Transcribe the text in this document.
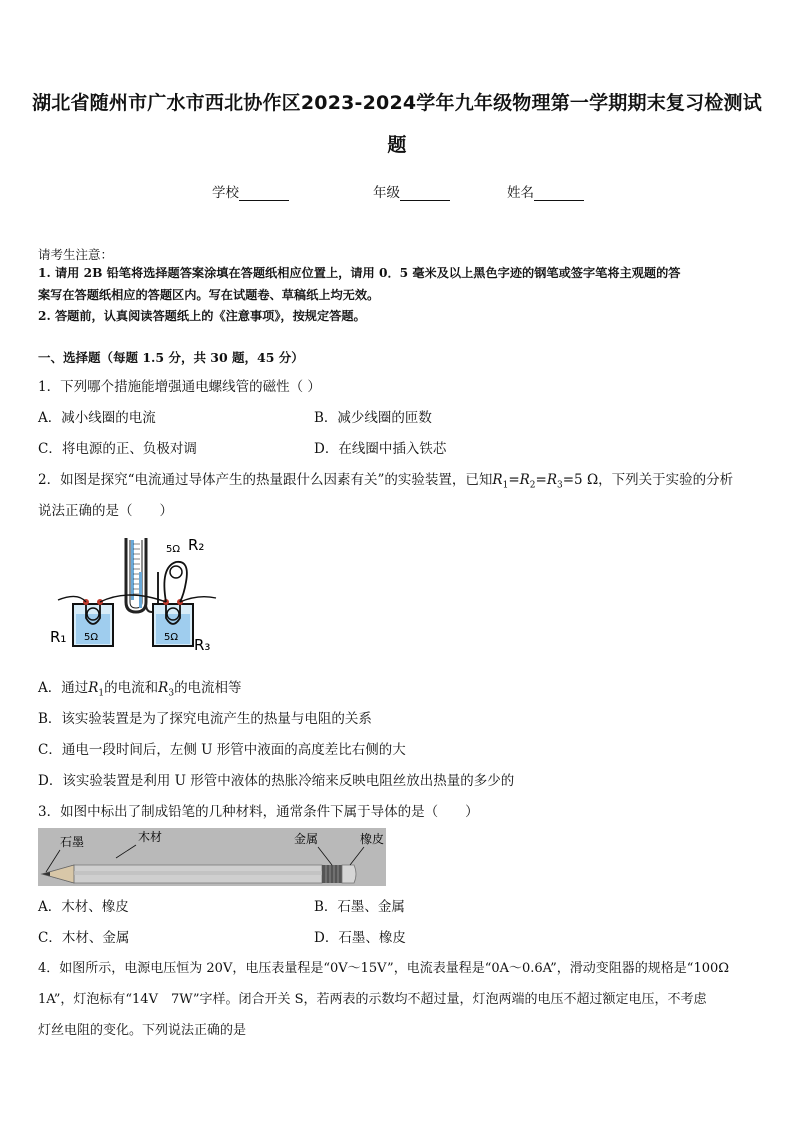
湖北省随州市广水市西北协作区2023-2024学年九年级物理第一学期期末复习检测试
题
学校	年级	姓名
请考生注意：
1. 请用 2B 铅笔将选择题答案涂填在答题纸相应位置上，请用 0．5 毫米及以上黑色字迹的钢笔或签字笔将主观题的答
案写在答题纸相应的答题区内。写在试题卷、草稿纸上均无效。
2. 答题前，认真阅读答题纸上的《注意事项》，按规定答题。
一、选择题（每题 1.5 分，共 30 题，45 分）
1．下列哪个措施能增强通电螺线管的磁性（ ）
A．减小线圈的电流	B．减少线圈的匝数
C．将电源的正、负极对调	D．在线圈中插入铁芯
2．如图是探究“电流通过导体产生的热量跟什么因素有关”的实验装置，已知$R_1=R_2=R_3=5$ Ω，下列关于实验的分析
说法正确的是（　　）
5Ω	5Ω
5Ω
R₁
R₂
R₃
A．通过$R_1$的电流和$R_3$的电流相等
B．该实验装置是为了探究电流产生的热量与电阻的关系
C．通电一段时间后，左侧 U 形管中液面的高度差比右侧的大
D．该实验装置是利用 U 形管中液体的热胀冷缩来反映电阻丝放出热量的多少的
3．如图中标出了制成铅笔的几种材料，通常条件下属于导体的是（　　）
石墨	木材	金属	橡皮
A．木材、橡皮	B．石墨、金属
C．木材、金属	D．石墨、橡皮
4．如图所示，电源电压恒为 20V，电压表量程是“0V～15V”，电流表量程是“0A～0.6A”，滑动变阻器的规格是“100Ω
1A”，灯泡标有“14V　7W”字样。闭合开关 S，若两表的示数均不超过量，灯泡两端的电压不超过额定电压，不考虑
灯丝电阻的变化。下列说法正确的是
